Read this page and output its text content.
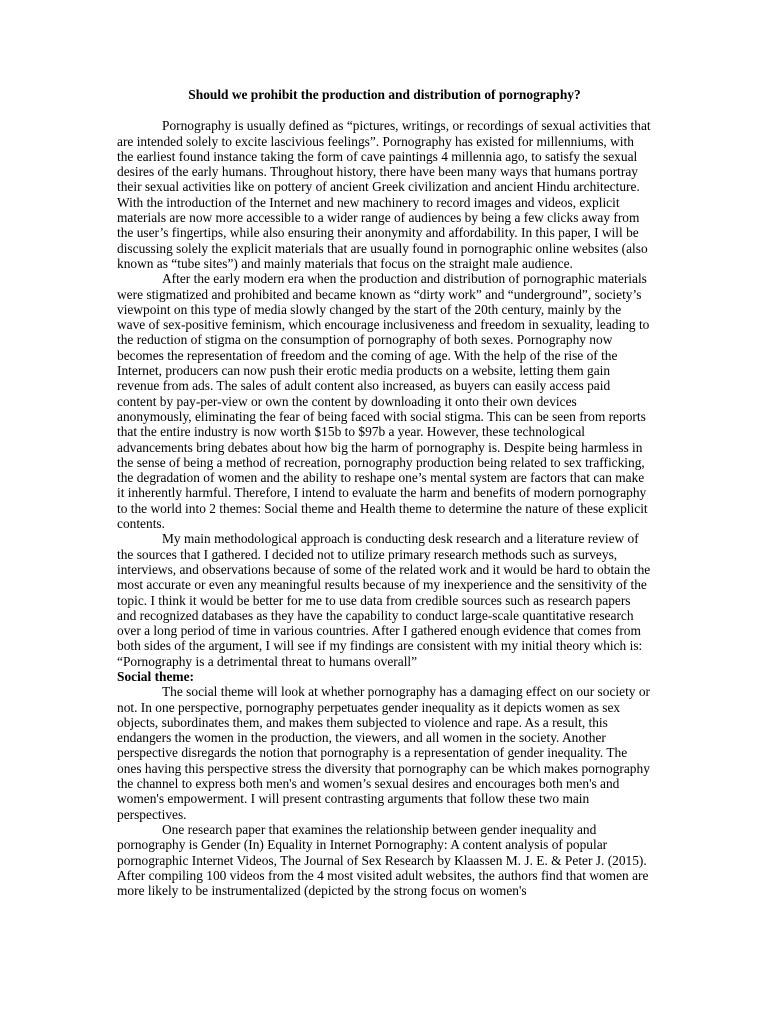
Should we prohibit the production and distribution of pornography?

Pornography is usually defined as “pictures, writings, or recordings of sexual activities that are intended solely to excite lascivious feelings”. Pornography has existed for millenniums, with the earliest found instance taking the form of cave paintings 4 millennia ago, to satisfy the sexual desires of the early humans. Throughout history, there have been many ways that humans portray their sexual activities like on pottery of ancient Greek civilization and ancient Hindu architecture. With the introduction of the Internet and new machinery to record images and videos, explicit materials are now more accessible to a wider range of audiences by being a few clicks away from the user’s fingertips, while also ensuring their anonymity and affordability. In this paper, I will be discussing solely the explicit materials that are usually found in pornographic online websites (also known as “tube sites”) and mainly materials that focus on the straight male audience.

After the early modern era when the production and distribution of pornographic materials were stigmatized and prohibited and became known as “dirty work” and “underground”, society’s viewpoint on this type of media slowly changed by the start of the 20th century, mainly by the wave of sex-positive feminism, which encourage inclusiveness and freedom in sexuality, leading to the reduction of stigma on the consumption of pornography of both sexes. Pornography now becomes the representation of freedom and the coming of age. With the help of the rise of the Internet, producers can now push their erotic media products on a website, letting them gain revenue from ads. The sales of adult content also increased, as buyers can easily access paid content by pay-per-view or own the content by downloading it onto their own devices anonymously, eliminating the fear of being faced with social stigma. This can be seen from reports that the entire industry is now worth $15b to $97b a year. However, these technological advancements bring debates about how big the harm of pornography is. Despite being harmless in the sense of being a method of recreation, pornography production being related to sex trafficking, the degradation of women and the ability to reshape one’s mental system are factors that can make it inherently harmful. Therefore, I intend to evaluate the harm and benefits of modern pornography to the world into 2 themes: Social theme and Health theme to determine the nature of these explicit contents.

My main methodological approach is conducting desk research and a literature review of the sources that I gathered. I decided not to utilize primary research methods such as surveys, interviews, and observations because of some of the related work and it would be hard to obtain the most accurate or even any meaningful results because of my inexperience and the sensitivity of the topic. I think it would be better for me to use data from credible sources such as research papers and recognized databases as they have the capability to conduct large-scale quantitative research over a long period of time in various countries. After I gathered enough evidence that comes from both sides of the argument, I will see if my findings are consistent with my initial theory which is: “Pornography is a detrimental threat to humans overall”

Social theme:

The social theme will look at whether pornography has a damaging effect on our society or not. In one perspective, pornography perpetuates gender inequality as it depicts women as sex objects, subordinates them, and makes them subjected to violence and rape. As a result, this endangers the women in the production, the viewers, and all women in the society. Another perspective disregards the notion that pornography is a representation of gender inequality. The ones having this perspective stress the diversity that pornography can be which makes pornography the channel to express both men's and women’s sexual desires and encourages both men's and women's empowerment. I will present contrasting arguments that follow these two main perspectives.

One research paper that examines the relationship between gender inequality and pornography is Gender (In) Equality in Internet Pornography: A content analysis of popular pornographic Internet Videos, The Journal of Sex Research by Klaassen M. J. E. & Peter J. (2015). After compiling 100 videos from the 4 most visited adult websites, the authors find that women are more likely to be instrumentalized (depicted by the strong focus on women's
